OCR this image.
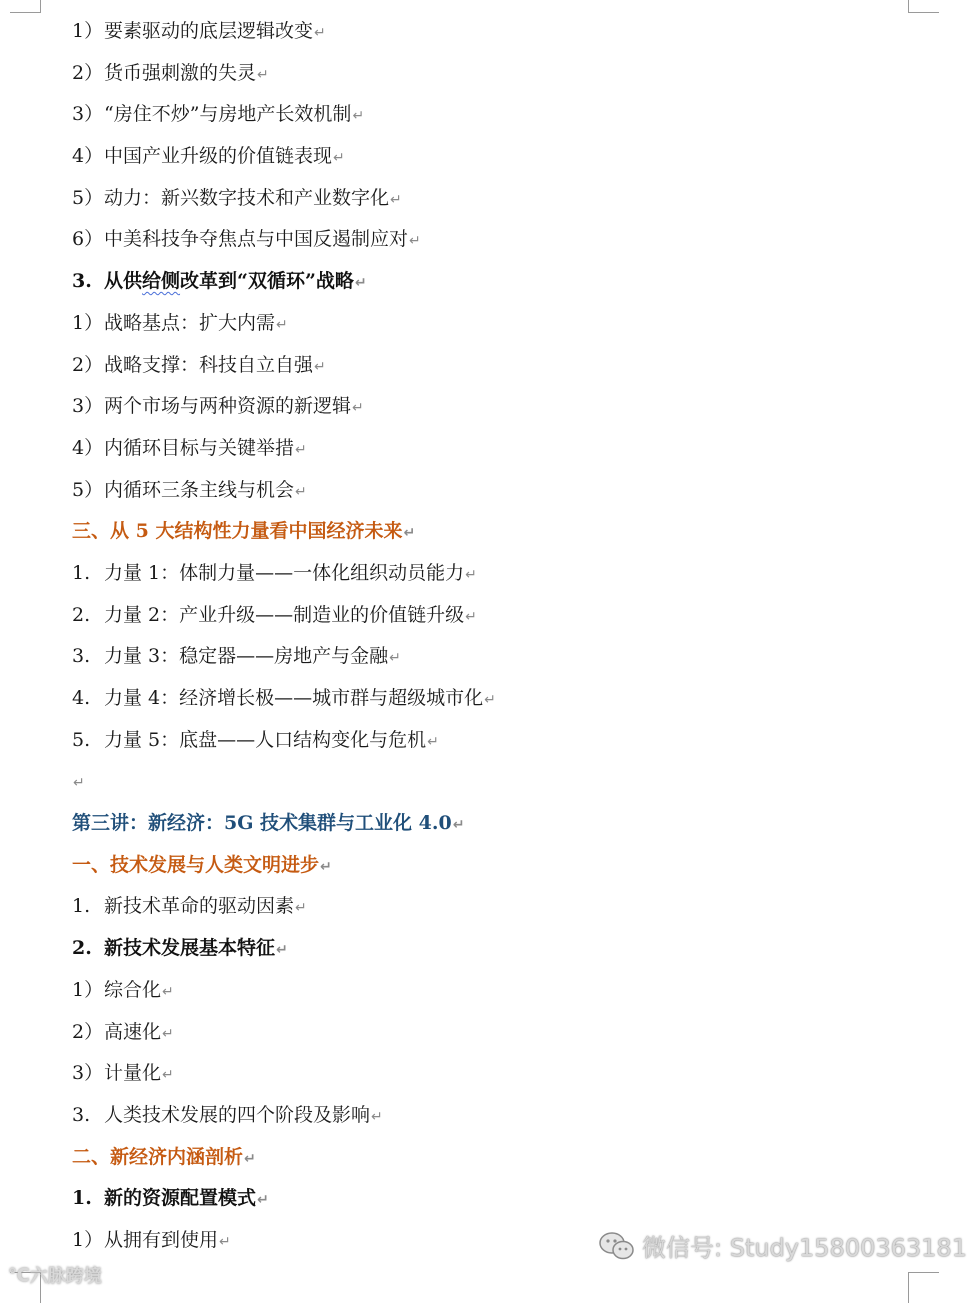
1）要素驱动的底层逻辑改变↵
2）货币强刺激的失灵↵
3）“房住不炒”与房地产长效机制↵
4）中国产业升级的价值链表现↵
5）动力：新兴数字技术和产业数字化↵
6）中美科技争夺焦点与中国反遏制应对↵
3. 从供给侧改革到“双循环”战略↵
1）战略基点：扩大内需↵
2）战略支撑：科技自立自强↵
3）两个市场与两种资源的新逻辑↵
4）内循环目标与关键举措↵
5）内循环三条主线与机会↵
三、从 5 大结构性力量看中国经济未来↵
1. 力量 1：体制力量——一体化组织动员能力↵
2. 力量 2：产业升级——制造业的价值链升级↵
3. 力量 3：稳定器——房地产与金融↵
4. 力量 4：经济增长极——城市群与超级城市化↵
5. 力量 5：底盘——人口结构变化与危机↵
↵
第三讲：新经济：5G 技术集群与工业化 4.0↵
一、技术发展与人类文明进步↵
1. 新技术革命的驱动因素↵
2. 新技术发展基本特征↵
1）综合化↵
2）高速化↵
3）计量化↵
3. 人类技术发展的四个阶段及影响↵
二、新经济内涵剖析↵
1. 新的资源配置模式↵
1）从拥有到使用↵	微信号: Study15800363181
℃ 六脉跨境
